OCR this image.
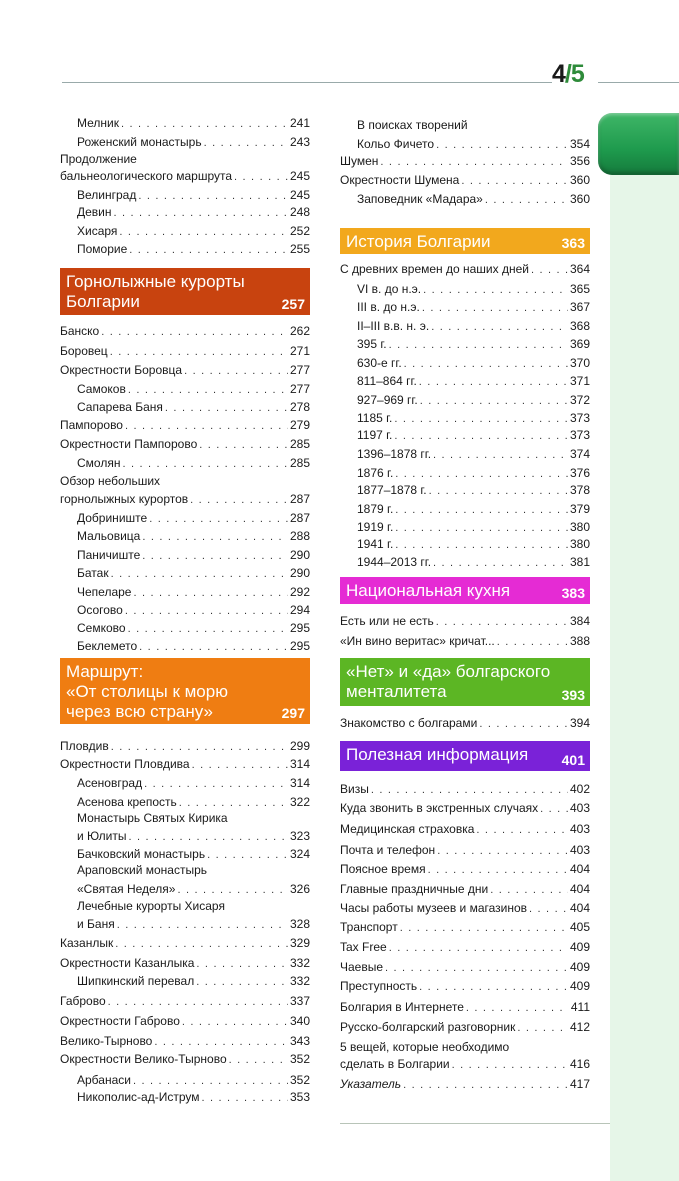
4/5
Мелник . . .	241
Роженский монастырь . . .	243
Продолжение
бальнеологического маршрута . . .	245
Велинград . . .	245
Девин . . .	248
Хисаря . . .	252
Поморие . . .	255
Горнолыжные курорты
Болгарии	257
Банско . . .	262
Боровец . . .	271
Окрестности Боровца . . .	277
Самоков . . .	277
Сапарева Баня . . .	278
Пампорово . . .	279
Окрестности Пампорово . . .	285
Смолян . . .	285
Обзор небольших
горнолыжных курортов . . .	287
Добриниште . . .	287
Мальовица . . .	288
Паничиште . . .	290
Батак . . .	290
Чепеларе . . .	292
Осогово . . .	294
Семково . . .	295
Беклемето . . .	295
Маршрут:
«От столицы к морю
через всю страну»	297
Пловдив . . .	299
Окрестности Пловдива . . .	314
Асеновград . . .	314
Асенова крепость . . .	322
Монастырь Святых Кирика
и Юлиты . . .	323
Бачковский монастырь . . .	324
Араповский монастырь
«Святая Неделя» . . .	326
Лечебные курорты Хисаря
и Баня . . .	328
Казанлык . . .	329
Окрестности Казанлыка . . .	332
Шипкинский перевал . . .	332
Габрово . . .	337
Окрестности Габрово . . .	340
Велико-Тырново . . .	343
Окрестности Велико-Тырново . . .	352
Арбанаси . . .	352
Никополис-ад-Иструм . . .	353
В поисках творений
Кольо Фичето . . .	354
Шумен . . .	356
Окрестности Шумена . . .	360
Заповедник «Мадара» . . .	360
История Болгарии	363
С древних времен до наших дней . . .	364
VI в. до н.э. . . .	365
III в. до н.э. . . .	367
II–III в.в. н. э. . . .	368
395 г. . . .	369
630-е гг. . . .	370
811–864 гг. . . .	371
927–969 гг. . . .	372
1185 г. . . .	373
1197 г. . . .	373
1396–1878 гг. . . .	374
1876 г. . . .	376
1877–1878 г. . . .	378
1879 г. . . .	379
1919 г. . . .	380
1941 г. . . .	380
1944–2013 гг. . . .	381
Национальная кухня	383
Есть или не есть . . .	384
«Ин вино веритас» кричат... . . .	388
«Нет» и «да» болгарского
менталитета	393
Знакомство с болгарами . . .	394
Полезная информация	401
Визы . . .	402
Куда звонить в экстренных случаях . . .	403
Медицинская страховка . . .	403
Почта и телефон . . .	403
Поясное время . . .	404
Главные праздничные дни . . .	404
Часы работы музеев и магазинов . . .	404
Транспорт . . .	405
Tax Free . . .	409
Чаевые . . .	409
Преступность . . .	409
Болгария в Интернете . . .	411
Русско-болгарский разговорник . . .	412
5 вещей, которые необходимо
сделать в Болгарии . . .	416
Указатель . . .	417
